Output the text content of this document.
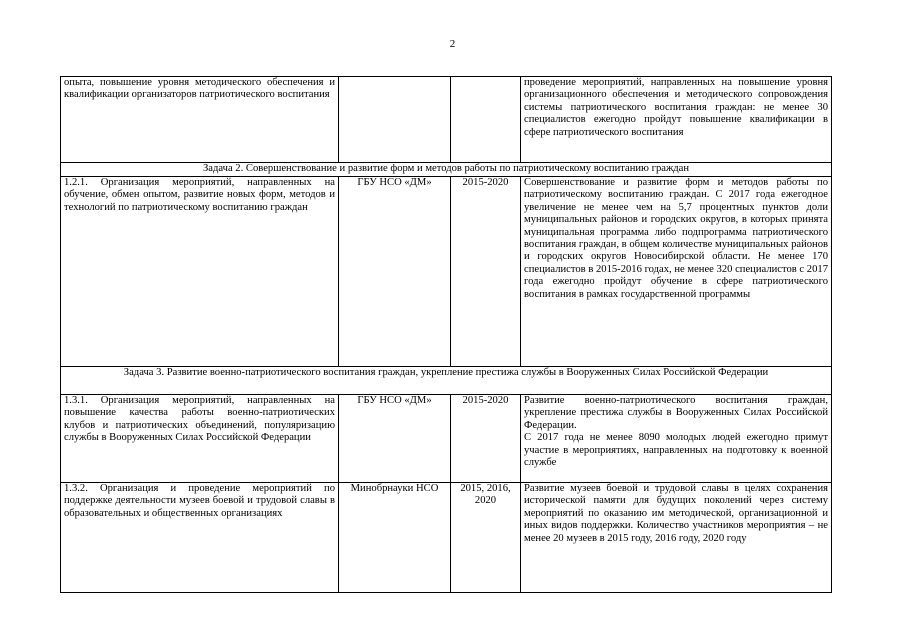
2
опыта, повышение уровня методического обеспечения и квалификации организаторов патриотического воспитания			проведение мероприятий, направленных на повышение уровня организационного обеспечения и методического сопровождения системы патриотического воспитания граждан: не менее 30 специалистов ежегодно пройдут повышение квалификации в сфере патриотического воспитания

Задача 2. Совершенствование и развитие форм и методов работы по патриотическому воспитанию граждан			
1.2.1. Организация мероприятий, направленных на обучение, обмен опытом, развитие новых форм, методов и технологий по патриотическому воспитанию граждан	ГБУ НСО «ДМ»	2015-2020	Совершенствование и развитие форм и методов работы по патриотическому воспитанию граждан. С 2017 года ежегодное увеличение не менее чем на 5,7 процентных пунктов доли муниципальных районов и городских округов, в которых принята муниципальная программа либо подпрограмма патриотического воспитания граждан, в общем количестве муниципальных районов и городских округов Новосибирской области. Не менее 170 специалистов в 2015-2016 годах, не менее 320 специалистов с 2017 года ежегодно пройдут обучение в сфере патриотического воспитания в рамках государственной программы

Задача 3. Развитие военно-патриотического воспитания граждан, укрепление престижа службы в Вооруженных Силах Российской Федерации			
1.3.1. Организация мероприятий, направленных на повышение качества работы военно-патриотических клубов и патриотических объединений, популяризацию службы в Вооруженных Силах Российской Федерации	ГБУ НСО «ДМ»	2015-2020	Развитие военно-патриотического воспитания граждан, укрепление престижа службы в Вооруженных Силах Российской Федерации.
С 2017 года не менее 8090 молодых людей ежегодно примут участие в мероприятиях, направленных на подготовку к военной службе

1.3.2. Организация и проведение мероприятий по поддержке деятельности музеев боевой и трудовой славы в образовательных и общественных организациях	Минобрнауки НСО	2015, 2016, 2020	Развитие музеев боевой и трудовой славы в целях сохранения исторической памяти для будущих поколений через систему мероприятий по оказанию им методической, организационной и иных видов поддержки. Количество участников мероприятия – не менее 20 музеев в 2015 году, 2016 году, 2020 году
